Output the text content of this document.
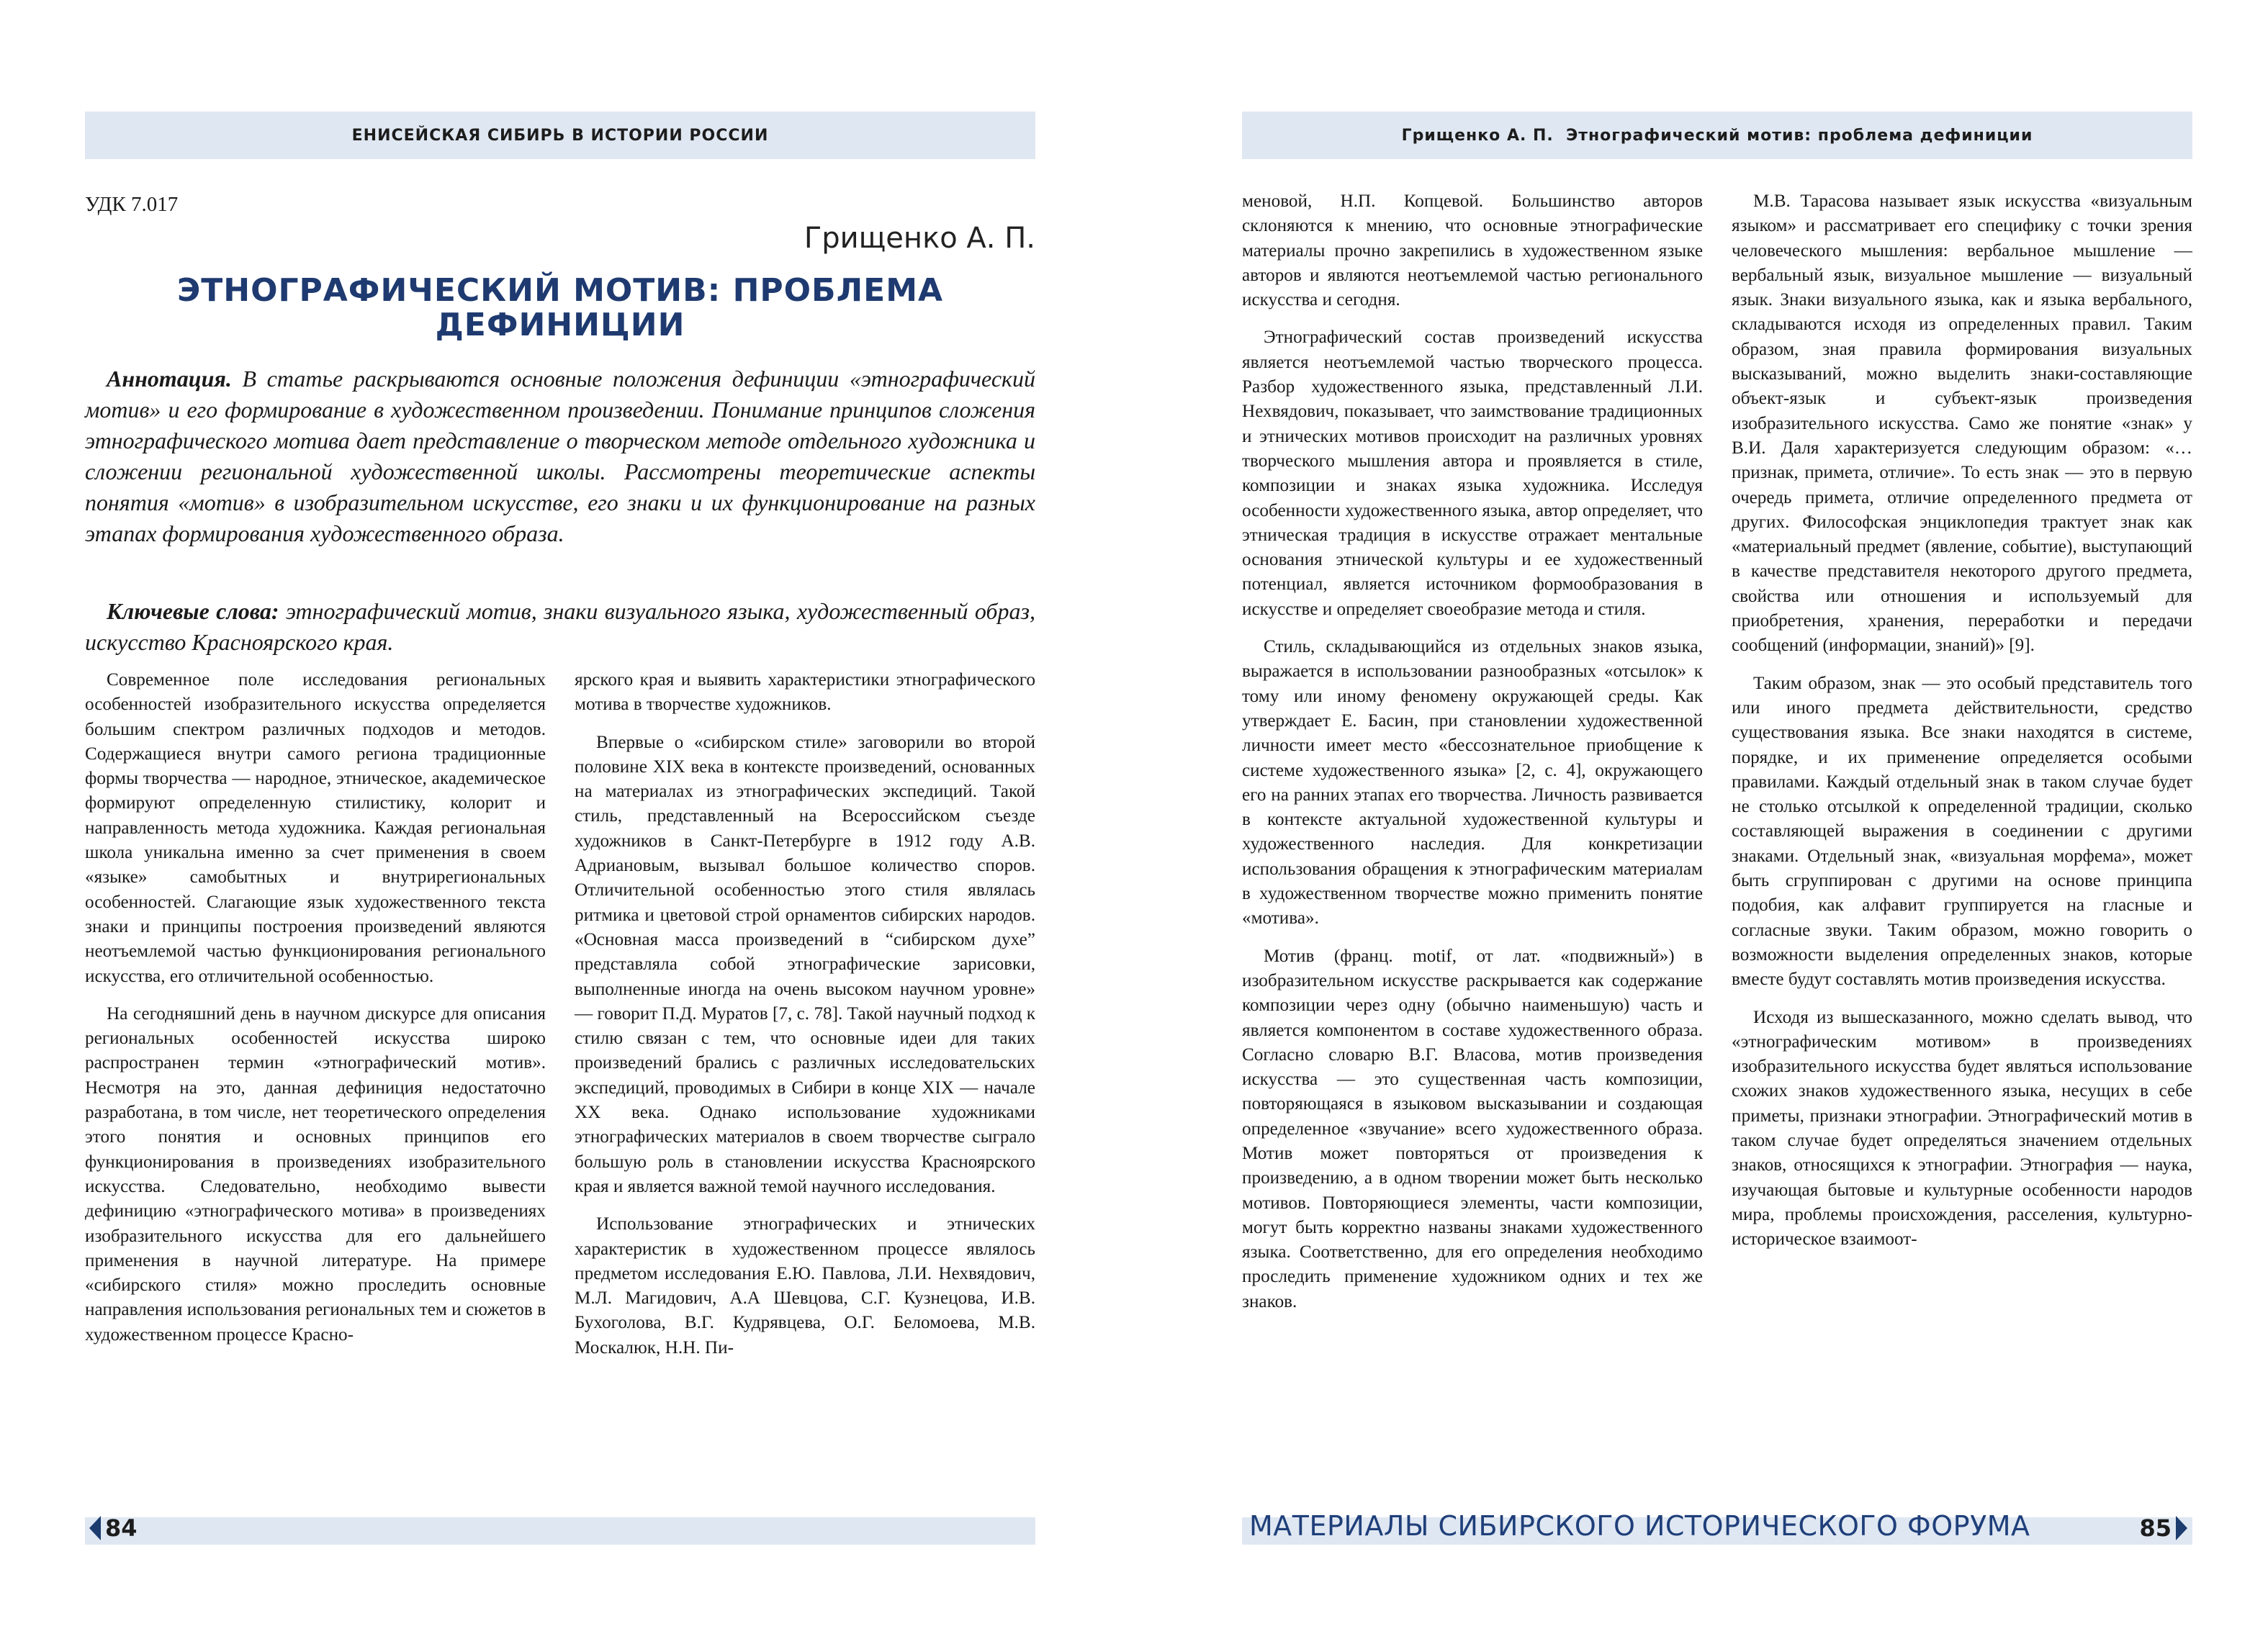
ЕНИСЕЙСКАЯ СИБИРЬ В ИСТОРИИ РОССИИ
УДК 7.017
Грищенко А. П.
ЭТНОГРАФИЧЕСКИЙ МОТИВ: ПРОБЛЕМА
ДЕФИНИЦИИ

Аннотация. В статье раскрываются основные положения дефиниции «этнографический мотив» и его формирование в художественном произведении. Понимание принципов сложения этнографического мотива дает представление о творческом методе отдельного художника и сложении региональной художественной школы. Рассмотрены теоретические аспекты понятия «мотив» в изобразительном искусстве, его знаки и их функционирование на разных этапах формирования художественного образа.

Ключевые слова: этнографический мотив, знаки визуального языка, художественный образ, искусство Красноярского края.

Современное поле исследования региональных особенностей изобразительного искусства определяется большим спектром различных подходов и методов. Содержащиеся внутри самого региона традиционные формы творчества — народное, этническое, академическое формируют определенную стилистику, колорит и направленность метода художника. Каждая региональная школа уникальна именно за счет применения в своем «языке» самобытных и внутрирегиональных особенностей. Слагающие язык художественного текста знаки и принципы построения произведений являются неотъемлемой частью функционирования регионального искусства, его отличительной особенностью.

На сегодняшний день в научном дискурсе для описания региональных особенностей искусства широко распространен термин «этнографический мотив». Несмотря на это, данная дефиниция недостаточно разработана, в том числе, нет теоретического определения этого понятия и основных принципов его функционирования в произведениях изобразительного искусства. Следовательно, необходимо вывести дефиницию «этнографического мотива» в произведениях изобразительного искусства для его дальнейшего применения в научной литературе. На примере «сибирского стиля» можно проследить основные направления использования региональных тем и сюжетов в художественном процессе Красно-

ярского края и выявить характеристики этнографического мотива в творчестве художников.

Впервые о «сибирском стиле» заговорили во второй половине XIX века в контексте произведений, основанных на материалах из этнографических экспедиций. Такой стиль, представленный на Всероссийском съезде художников в Санкт-Петербурге в 1912 году А.В. Адриановым, вызывал большое количество споров. Отличительной особенностью этого стиля являлась ритмика и цветовой строй орнаментов сибирских народов. «Основная масса произведений в “сибирском духе” представляла собой этнографические зарисовки, выполненные иногда на очень высоком научном уровне» — говорит П.Д. Муратов [7, с. 78]. Такой научный подход к стилю связан с тем, что основные идеи для таких произведений брались с различных исследовательских экспедиций, проводимых в Сибири в конце XIX — начале XX века. Однако использование художниками этнографических материалов в своем творчестве сыграло большую роль в становлении искусства Красноярского края и является важной темой научного исследования.

Использование этнографических и этнических характеристик в художественном процессе являлось предметом исследования Е.Ю. Павлова, Л.И. Нехвядович, М.Л. Магидович, А.А Шевцова, С.Г. Кузнецова, И.В. Бухоголова, В.Г. Кудрявцева, О.Г. Беломоева, М.В. Москалюк, Н.Н. Пи-

84
Грищенко А. П.  Этнографический мотив: проблема дефиниции

меновой, Н.П. Копцевой. Большинство авторов склоняются к мнению, что основные этнографические материалы прочно закрепились в художественном языке авторов и являются неотъемлемой частью регионального искусства и сегодня.

Этнографический состав произведений искусства является неотъемлемой частью творческого процесса. Разбор художественного языка, представленный Л.И. Нехвядович, показывает, что заимствование традиционных и этнических мотивов происходит на различных уровнях творческого мышления автора и проявляется в стиле, композиции и знаках языка художника. Исследуя особенности художественного языка, автор определяет, что этническая традиция в искусстве отражает ментальные основания этнической культуры и ее художественный потенциал, является источником формообразования в искусстве и определяет своеобразие метода и стиля.

Стиль, складывающийся из отдельных знаков языка, выражается в использовании разнообразных «отсылок» к тому или иному феномену окружающей среды. Как утверждает Е. Басин, при становлении художественной личности имеет место «бессознательное приобщение к системе художественного языка» [2, с. 4], окружающего его на ранних этапах его творчества. Личность развивается в контексте актуальной художественной культуры и художественного наследия. Для конкретизации использования обращения к этнографическим материалам в художественном творчестве можно применить понятие «мотива».

Мотив (франц. motif, от лат. «подвижный») в изобразительном искусстве раскрывается как содержание композиции через одну (обычно наименьшую) часть и является компонентом в составе художественного образа. Согласно словарю В.Г. Власова, мотив произведения искусства — это существенная часть композиции, повторяющаяся в языковом высказывании и создающая определенное «звучание» всего художественного образа. Мотив может повторяться от произведения к произведению, а в одном творении может быть несколько мотивов. Повторяющиеся элементы, части композиции, могут быть корректно названы знаками художественного языка. Соответственно, для его определения необходимо проследить применение художником одних и тех же знаков.

М.В. Тарасова называет язык искусства «визуальным языком» и рассматривает его специфику с точки зрения человеческого мышления: вербальное мышление — вербальный язык, визуальное мышление — визуальный язык. Знаки визуального языка, как и языка вербального, складываются исходя из определенных правил. Таким образом, зная правила формирования визуальных высказываний, можно выделить знаки-составляющие объект-язык и субъект-язык произведения изобразительного искусства. Само же понятие «знак» у В.И. Даля характеризуется следующим образом: «…признак, примета, отличие». То есть знак — это в первую очередь примета, отличие определенного предмета от других. Философская энциклопедия трактует знак как «материальный предмет (явление, событие), выступающий в качестве представителя некоторого другого предмета, свойства или отношения и используемый для приобретения, хранения, переработки и передачи сообщений (информации, знаний)» [9].

Таким образом, знак — это особый представитель того или иного предмета действительности, средство существования языка. Все знаки находятся в системе, порядке, и их применение определяется особыми правилами. Каждый отдельный знак в таком случае будет не столько отсылкой к определенной традиции, сколько составляющей выражения в соединении с другими знаками. Отдельный знак, «визуальная морфема», может быть сгруппирован с другими на основе принципа подобия, как алфавит группируется на гласные и согласные звуки. Таким образом, можно говорить о возможности выделения определенных знаков, которые вместе будут составлять мотив произведения искусства.

Исходя из вышесказанного, можно сделать вывод, что «этнографическим мотивом» в произведениях изобразительного искусства будет являться использование схожих знаков художественного языка, несущих в себе приметы, признаки этнографии. Этнографический мотив в таком случае будет определяться значением отдельных знаков, относящихся к этнографии. Этнография — наука, изучающая бытовые и культурные особенности народов мира, проблемы происхождения, расселения, культурно-историческое взаимоот-

МАТЕРИАЛЫ СИБИРСКОГО ИСТОРИЧЕСКОГО ФОРУМА	85
